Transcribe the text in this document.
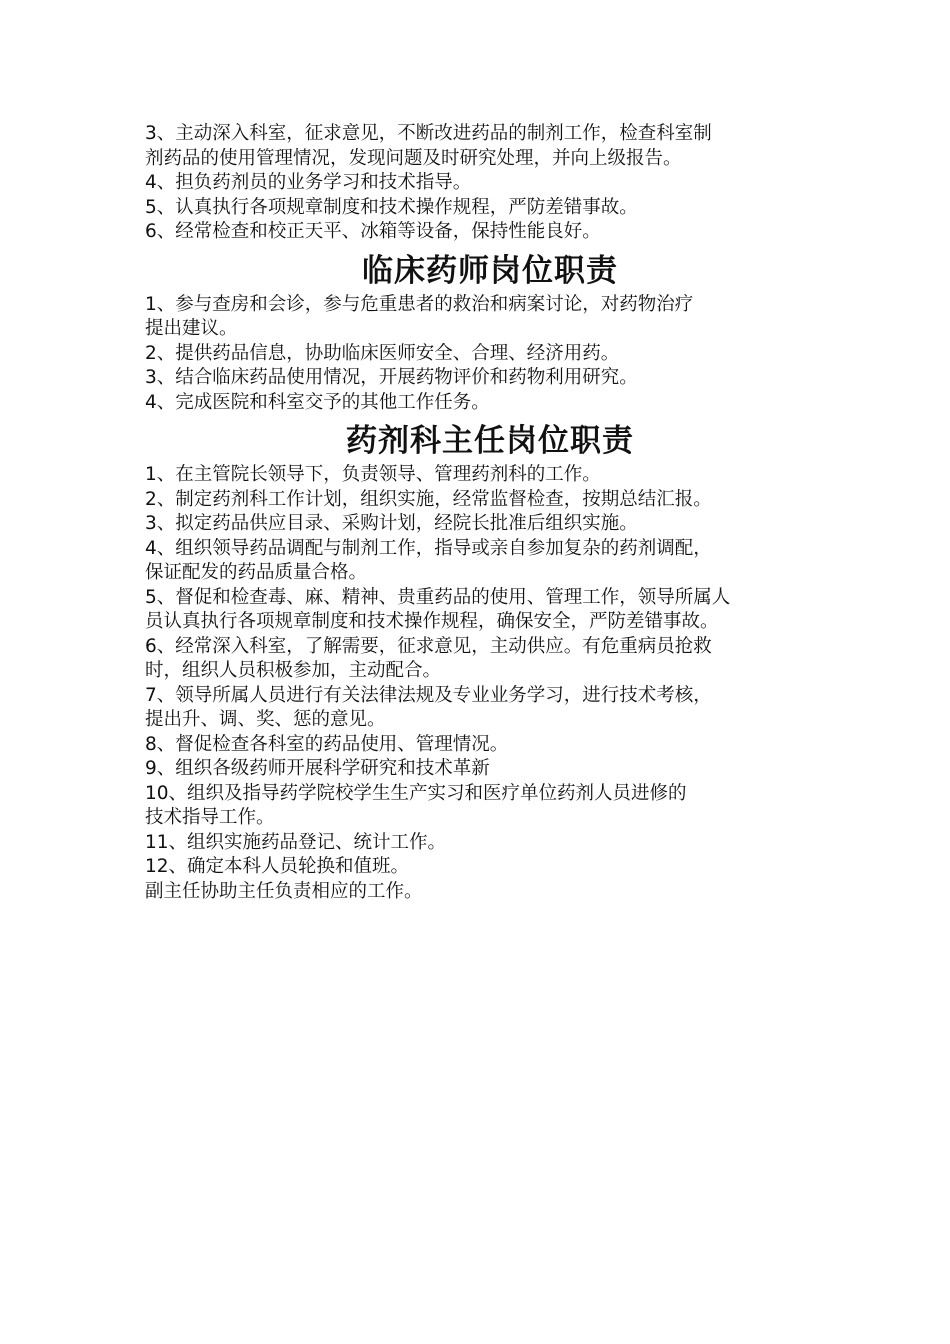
3、主动深入科室，征求意见，不断改进药品的制剂工作，检查科室制

剂药品的使用管理情况，发现问题及时研究处理，并向上级报告。

4、担负药剂员的业务学习和技术指导。

5、认真执行各项规章制度和技术操作规程，严防差错事故。

6、经常检查和校正天平、冰箱等设备，保持性能良好。

临床药师岗位职责

1、参与查房和会诊，参与危重患者的救治和病案讨论，对药物治疗

提出建议。

2、提供药品信息，协助临床医师安全、合理、经济用药。

3、结合临床药品使用情况，开展药物评价和药物利用研究。

4、完成医院和科室交予的其他工作任务。

药剂科主任岗位职责

1、在主管院长领导下，负责领导、管理药剂科的工作。

2、制定药剂科工作计划，组织实施，经常监督检查，按期总结汇报。

3、拟定药品供应目录、采购计划，经院长批准后组织实施。

4、组织领导药品调配与制剂工作，指导或亲自参加复杂的药剂调配，

保证配发的药品质量合格。

5、督促和检查毒、麻、精神、贵重药品的使用、管理工作，领导所属人

员认真执行各项规章制度和技术操作规程，确保安全，严防差错事故。

6、经常深入科室，了解需要，征求意见，主动供应。有危重病员抢救

时，组织人员积极参加，主动配合。

7、领导所属人员进行有关法律法规及专业业务学习，进行技术考核，

提出升、调、奖、惩的意见。

8、督促检查各科室的药品使用、管理情况。

9、组织各级药师开展科学研究和技术革新

10、组织及指导药学院校学生生产实习和医疗单位药剂人员进修的

技术指导工作。

11、组织实施药品登记、统计工作。

12、确定本科人员轮换和值班。

副主任协助主任负责相应的工作。
